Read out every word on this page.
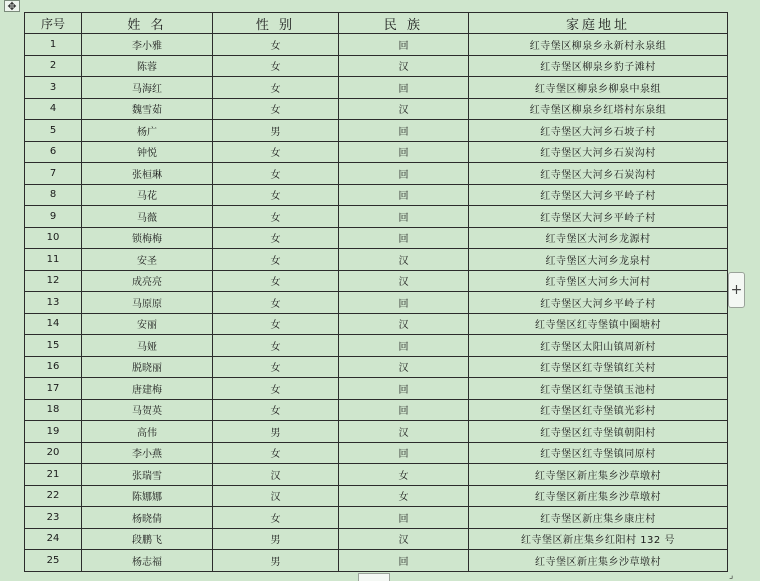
✥
序号	姓 名	性 别	民 族	家庭地址
1	李小雅	女	回	红寺堡区柳泉乡永新村永泉组
2	陈蓉	女	汉	红寺堡区柳泉乡豹子滩村
3	马海红	女	回	红寺堡区柳泉乡柳泉中泉组
4	魏雪茹	女	汉	红寺堡区柳泉乡红塔村东泉组
5	杨广	男	回	红寺堡区大河乡石坡子村
6	钟悦	女	回	红寺堡区大河乡石炭沟村
7	张桓琳	女	回	红寺堡区大河乡石炭沟村
8	马花	女	回	红寺堡区大河乡平岭子村
9	马薇	女	回	红寺堡区大河乡平岭子村
10	锁梅梅	女	回	红寺堡区大河乡龙源村
11	安圣	女	汉	红寺堡区大河乡龙泉村
12	成亮亮	女	汉	红寺堡区大河乡大河村
13	马原原	女	回	红寺堡区大河乡平岭子村
14	安丽	女	汉	红寺堡区红寺堡镇中圈塘村
15	马娅	女	回	红寺堡区太阳山镇周新村
16	脱晓丽	女	汉	红寺堡区红寺堡镇红关村
17	唐建梅	女	回	红寺堡区红寺堡镇玉池村
18	马贺英	女	回	红寺堡区红寺堡镇光彩村
19	高伟	男	汉	红寺堡区红寺堡镇朝阳村
20	李小燕	女	回	红寺堡区红寺堡镇同原村
21	张瑞雪	汉	女	红寺堡区新庄集乡沙草墩村
22	陈娜娜	汉	女	红寺堡区新庄集乡沙草墩村
23	杨晓倩	女	回	红寺堡区新庄集乡康庄村
24	段鹏飞	男	汉	红寺堡区新庄集乡红阳村 132 号
25	杨志福	男	回	红寺堡区新庄集乡沙草墩村
+
⌟
